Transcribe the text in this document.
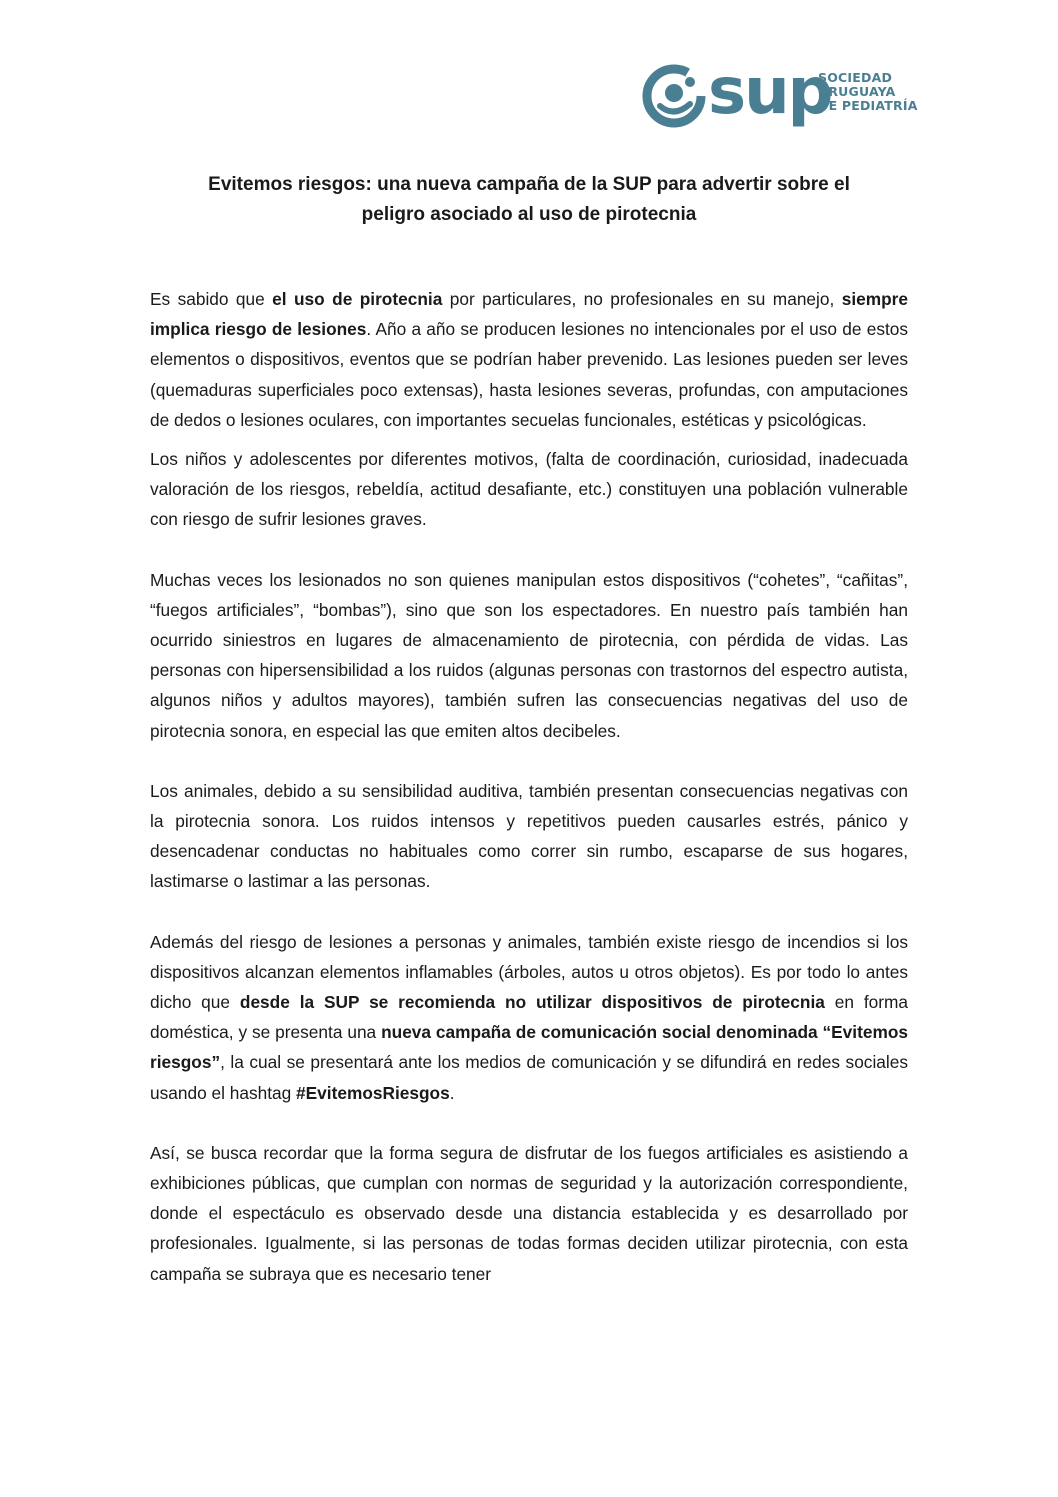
sup
SOCIEDAD
URUGUAYA
DE PEDIATRÍA
Evitemos riesgos: una nueva campaña de la SUP para advertir sobre el
peligro asociado al uso de pirotecnia

Es sabido que el uso de pirotecnia por particulares, no profesionales en su manejo, siempre implica riesgo de lesiones. Año a año se producen lesiones no intencionales por el uso de estos elementos o dispositivos, eventos que se podrían haber prevenido. Las lesiones pueden ser leves (quemaduras superficiales poco extensas), hasta lesiones severas, profundas, con amputaciones de dedos o lesiones oculares, con importantes secuelas funcionales, estéticas y psicológicas.

Los niños y adolescentes por diferentes motivos, (falta de coordinación, curiosidad, inadecuada valoración de los riesgos, rebeldía, actitud desafiante, etc.) constituyen una población vulnerable con riesgo de sufrir lesiones graves.

Muchas veces los lesionados no son quienes manipulan estos dispositivos (“cohetes”, “cañitas”, “fuegos artificiales”, “bombas”), sino que son los espectadores. En nuestro país también han ocurrido siniestros en lugares de almacenamiento de pirotecnia, con pérdida de vidas. Las personas con hipersensibilidad a los ruidos (algunas personas con trastornos del espectro autista, algunos niños y adultos mayores), también sufren las consecuencias negativas del uso de pirotecnia sonora, en especial las que emiten altos decibeles.

Los animales, debido a su sensibilidad auditiva, también presentan consecuencias negativas con la pirotecnia sonora. Los ruidos intensos y repetitivos pueden causarles estrés, pánico y desencadenar conductas no habituales como correr sin rumbo, escaparse de sus hogares, lastimarse o lastimar a las personas.

Además del riesgo de lesiones a personas y animales, también existe riesgo de incendios si los dispositivos alcanzan elementos inflamables (árboles, autos u otros objetos). Es por todo lo antes dicho que desde la SUP se recomienda no utilizar dispositivos de pirotecnia en forma doméstica, y se presenta una nueva campaña de comunicación social denominada “Evitemos riesgos”, la cual se presentará ante los medios de comunicación y se difundirá en redes sociales usando el hashtag #EvitemosRiesgos.

Así, se busca recordar que la forma segura de disfrutar de los fuegos artificiales es asistiendo a exhibiciones públicas, que cumplan con normas de seguridad y la autorización correspondiente, donde el espectáculo es observado desde una distancia establecida y es desarrollado por profesionales. Igualmente, si las personas de todas formas deciden utilizar pirotecnia, con esta campaña se subraya que es necesario tener
